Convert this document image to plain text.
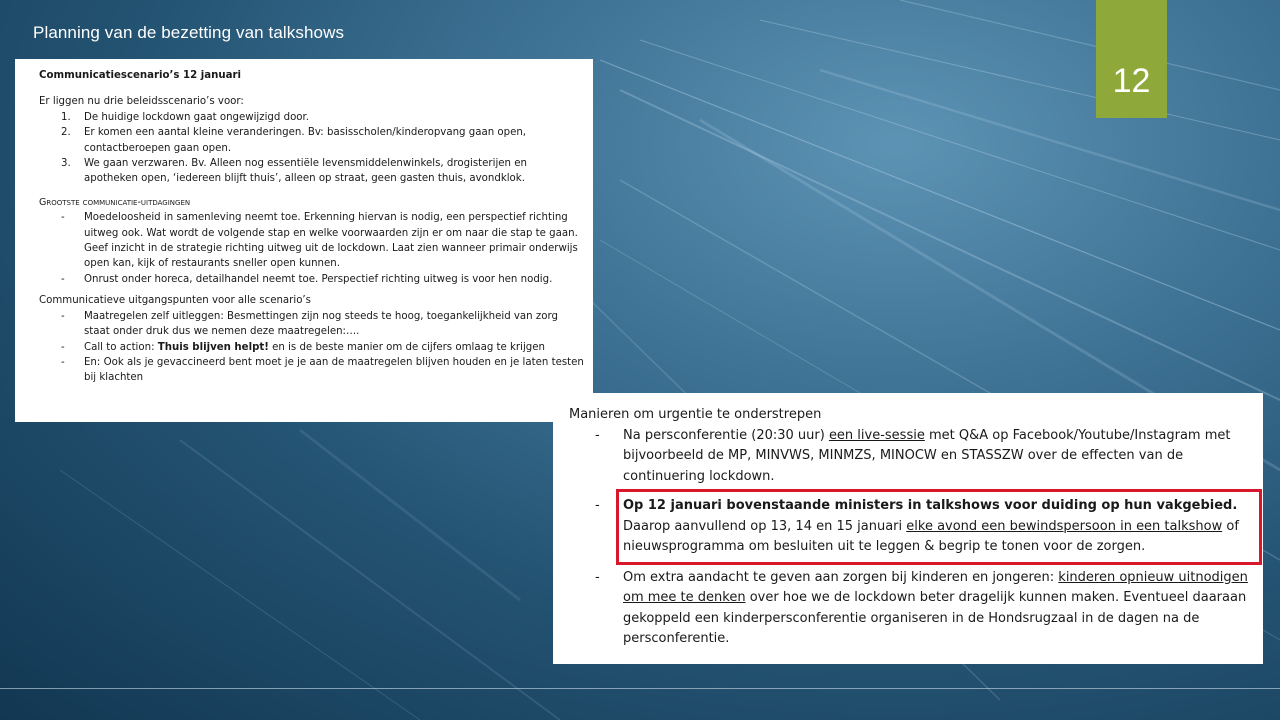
Planning van de bezetting van talkshows
12
Communicatiescenario’s 12 januari
Er liggen nu drie beleidsscenario’s voor:
1. De huidige lockdown gaat ongewijzigd door.
2. Er komen een aantal kleine veranderingen. Bv: basisscholen/kinderopvang gaan open, contactberoepen gaan open.
3. We gaan verzwaren. Bv. Alleen nog essentiële levensmiddelenwinkels, drogisterijen en apotheken open, ‘iedereen blijft thuis’, alleen op straat, geen gasten thuis, avondklok.
Grootste communicatie-uitdagingen
- Moedeloosheid in samenleving neemt toe. Erkenning hiervan is nodig, een perspectief richting uitweg ook. Wat wordt de volgende stap en welke voorwaarden zijn er om naar die stap te gaan. Geef inzicht in de strategie richting uitweg uit de lockdown. Laat zien wanneer primair onderwijs open kan, kijk of restaurants sneller open kunnen.
- Onrust onder horeca, detailhandel neemt toe. Perspectief richting uitweg is voor hen nodig.
Communicatieve uitgangspunten voor alle scenario’s
- Maatregelen zelf uitleggen: Besmettingen zijn nog steeds te hoog, toegankelijkheid van zorg staat onder druk dus we nemen deze maatregelen:….
- Call to action: Thuis blijven helpt! en is de beste manier om de cijfers omlaag te krijgen
- En: Ook als je gevaccineerd bent moet je je aan de maatregelen blijven houden en je laten testen bij klachten
Manieren om urgentie te onderstrepen
- Na persconferentie (20:30 uur) een live-sessie met Q&A op Facebook/Youtube/Instagram met bijvoorbeeld de MP, MINVWS, MINMZS, MINOCW en STASSZW over de effecten van de continuering lockdown.
- Op 12 januari bovenstaande ministers in talkshows voor duiding op hun vakgebied. Daarop aanvullend op 13, 14 en 15 januari elke avond een bewindspersoon in een talkshow of nieuwsprogramma om besluiten uit te leggen & begrip te tonen voor de zorgen.
- Om extra aandacht te geven aan zorgen bij kinderen en jongeren: kinderen opnieuw uitnodigen om mee te denken over hoe we de lockdown beter dragelijk kunnen maken. Eventueel daaraan gekoppeld een kinderpersconferentie organiseren in de Hondsrugzaal in de dagen na de persconferentie.
